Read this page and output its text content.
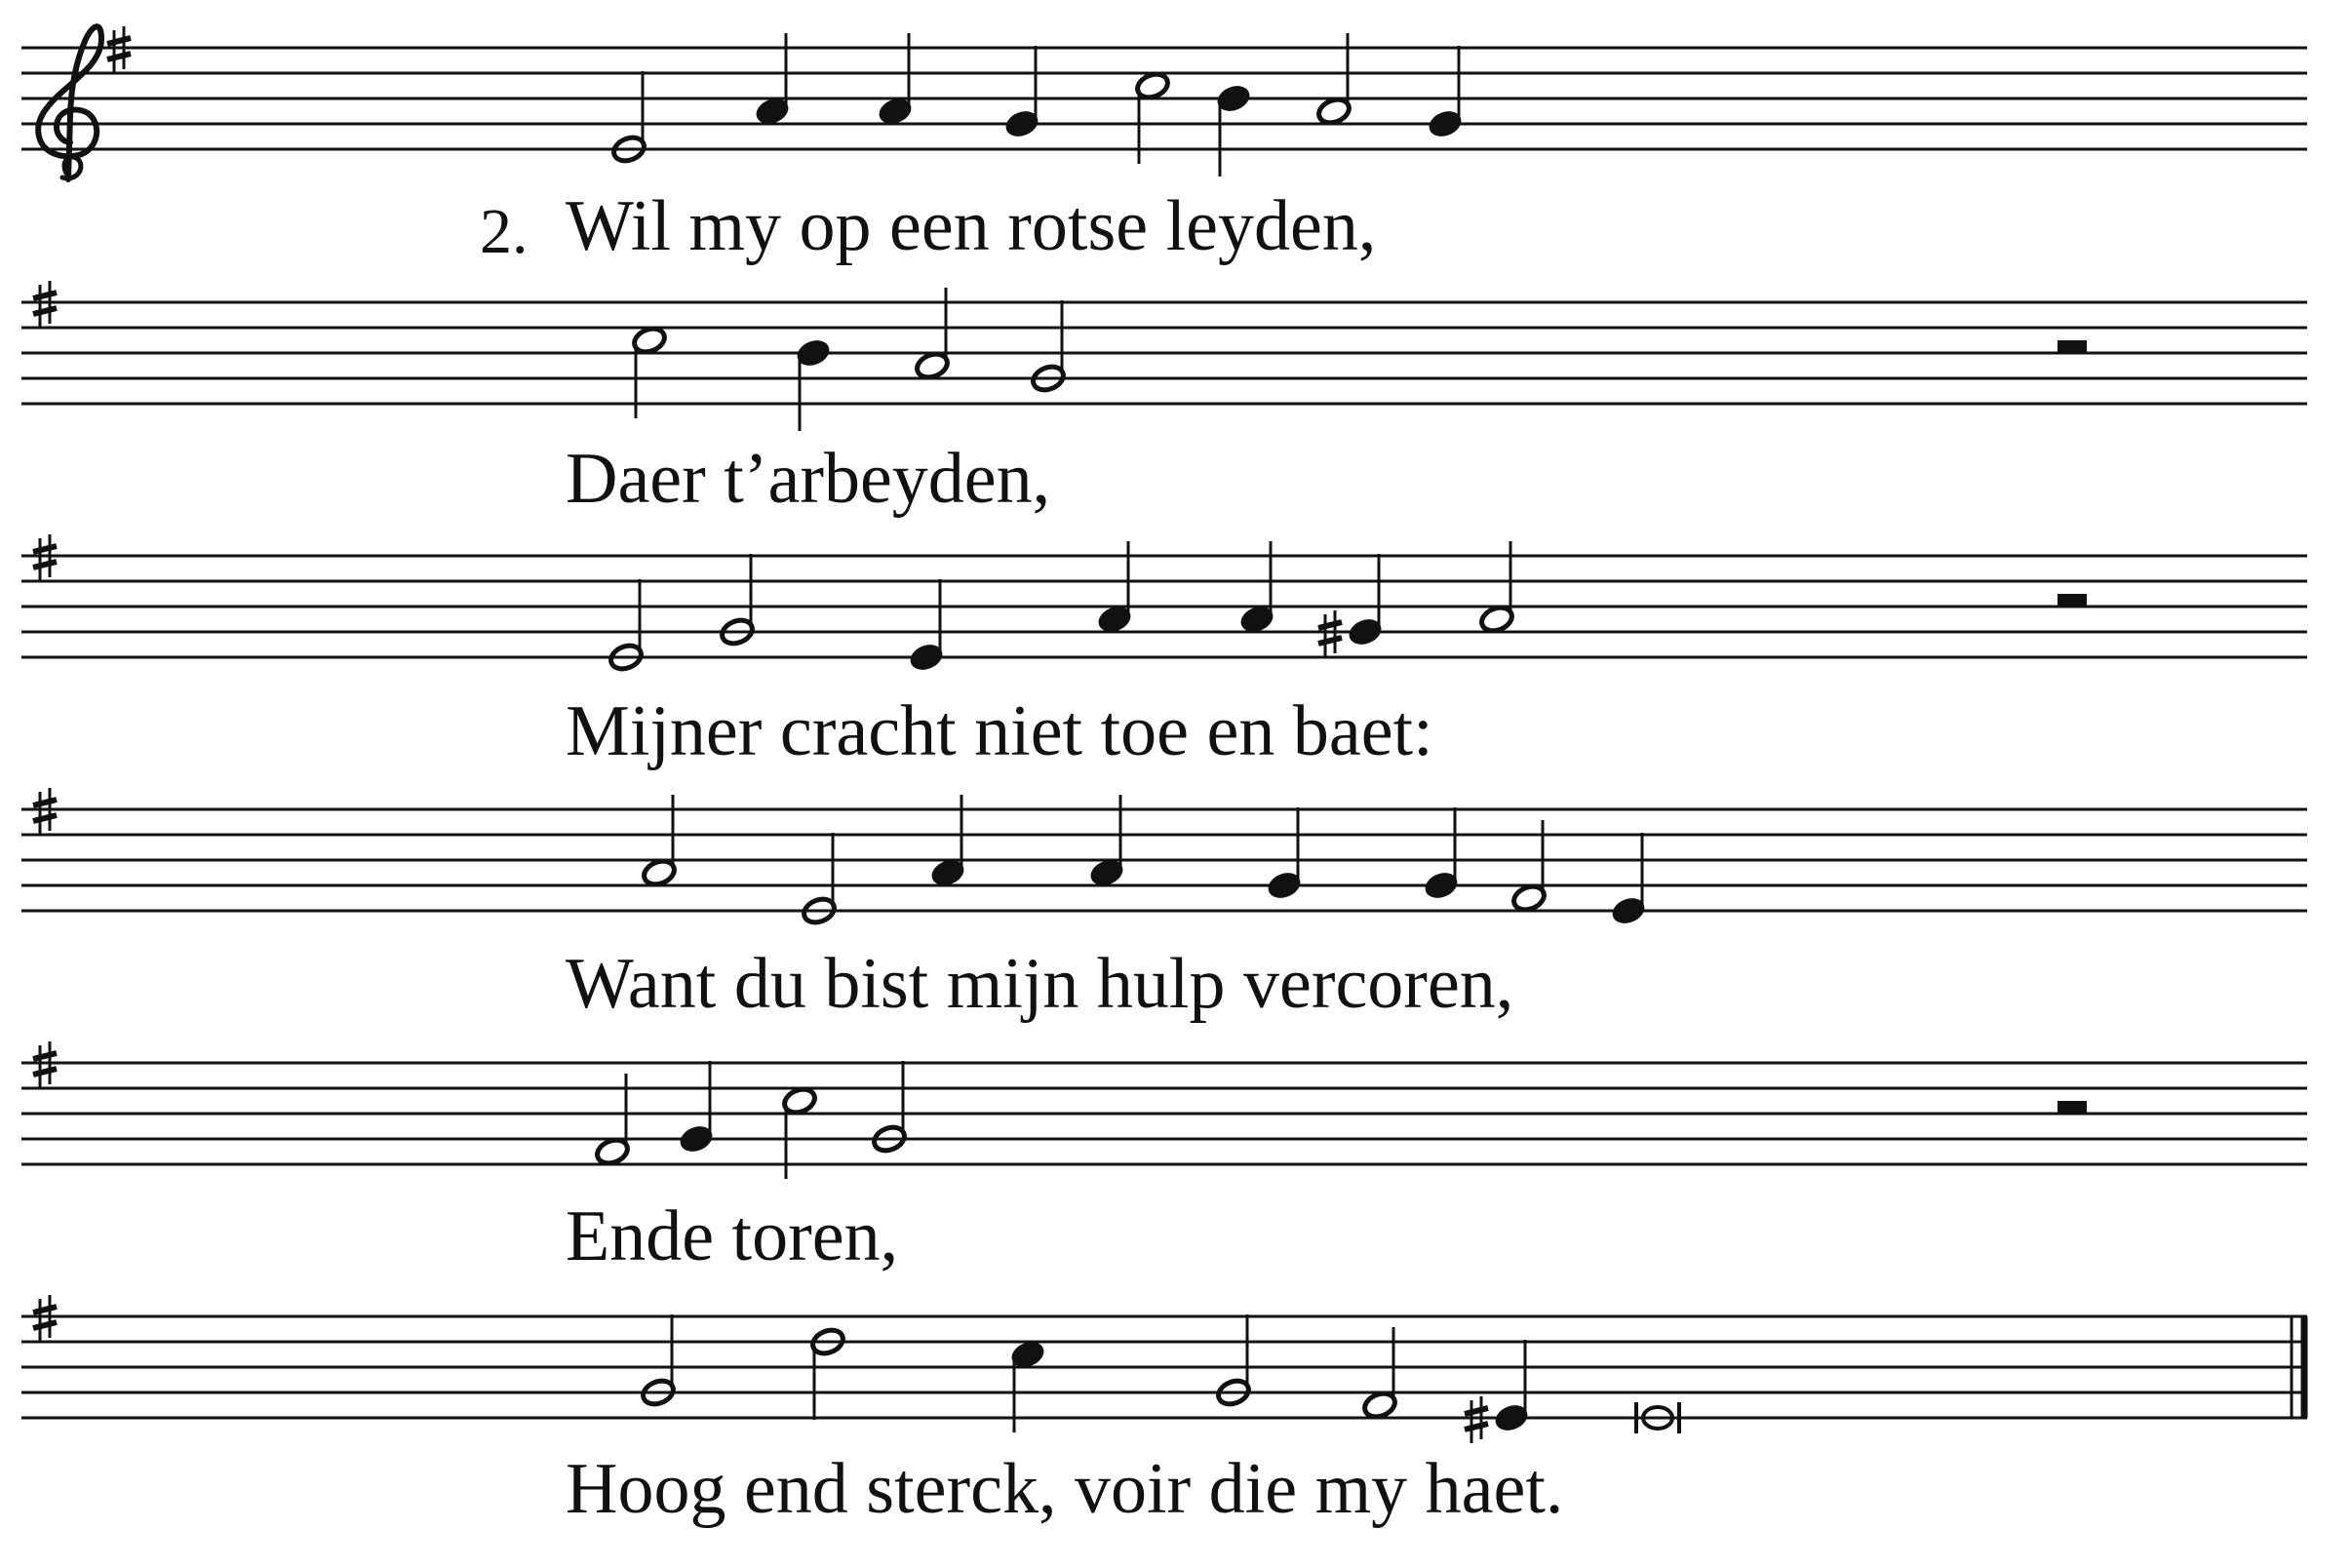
2. Wil my op een rotse leyden,
Daer t’arbeyden,
Mijner cracht niet toe en baet:
Want du bist mijn hulp vercoren,
Ende toren,
Hoog end sterck, voir die my haet.
